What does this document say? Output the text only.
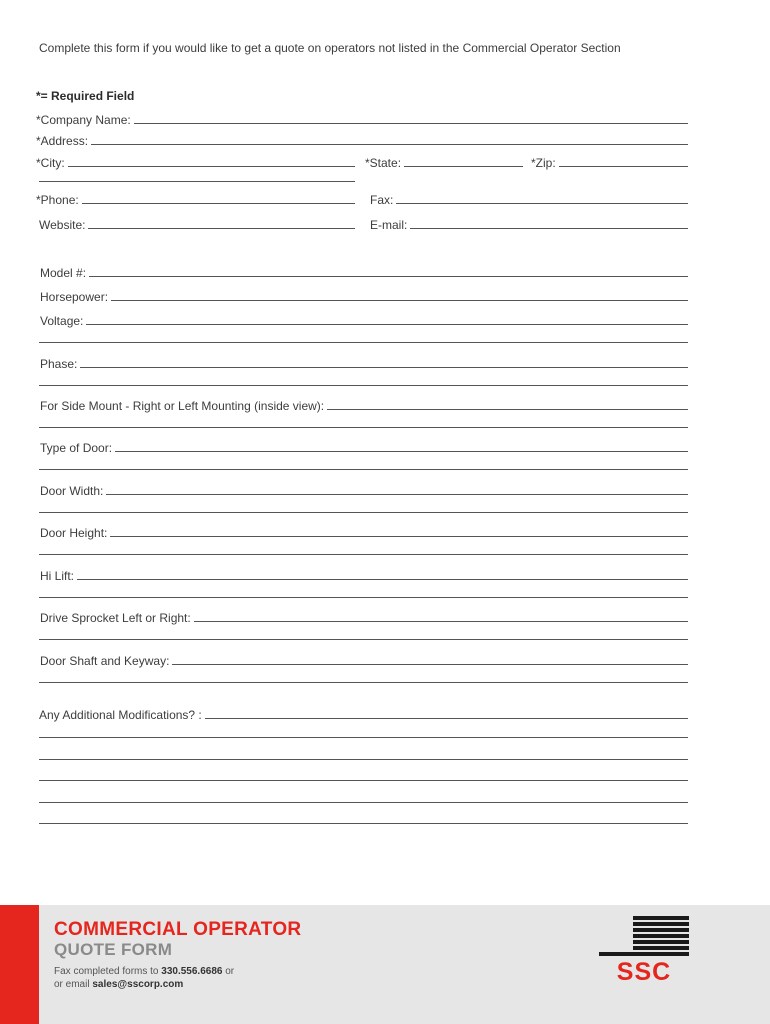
Complete this form if you would like to get a quote on operators not listed in the Commercial Operator Section
*= Required Field
*Company Name:
*Address:
*City:	*State:	*Zip:
*Phone:	Fax:
Website:	E-mail:
Model #:
Horsepower:
Voltage:
Phase:
For Side Mount - Right or Left Mounting (inside view):
Type of Door:
Door Width:
Door Height:
Hi Lift:
Drive Sprocket Left or Right:
Door Shaft and Keyway:
Any Additional Modifications? :
COMMERCIAL OPERATOR
QUOTE FORM
Fax completed forms to 330.556.6686 or
or email sales@sscorp.com	SSC
